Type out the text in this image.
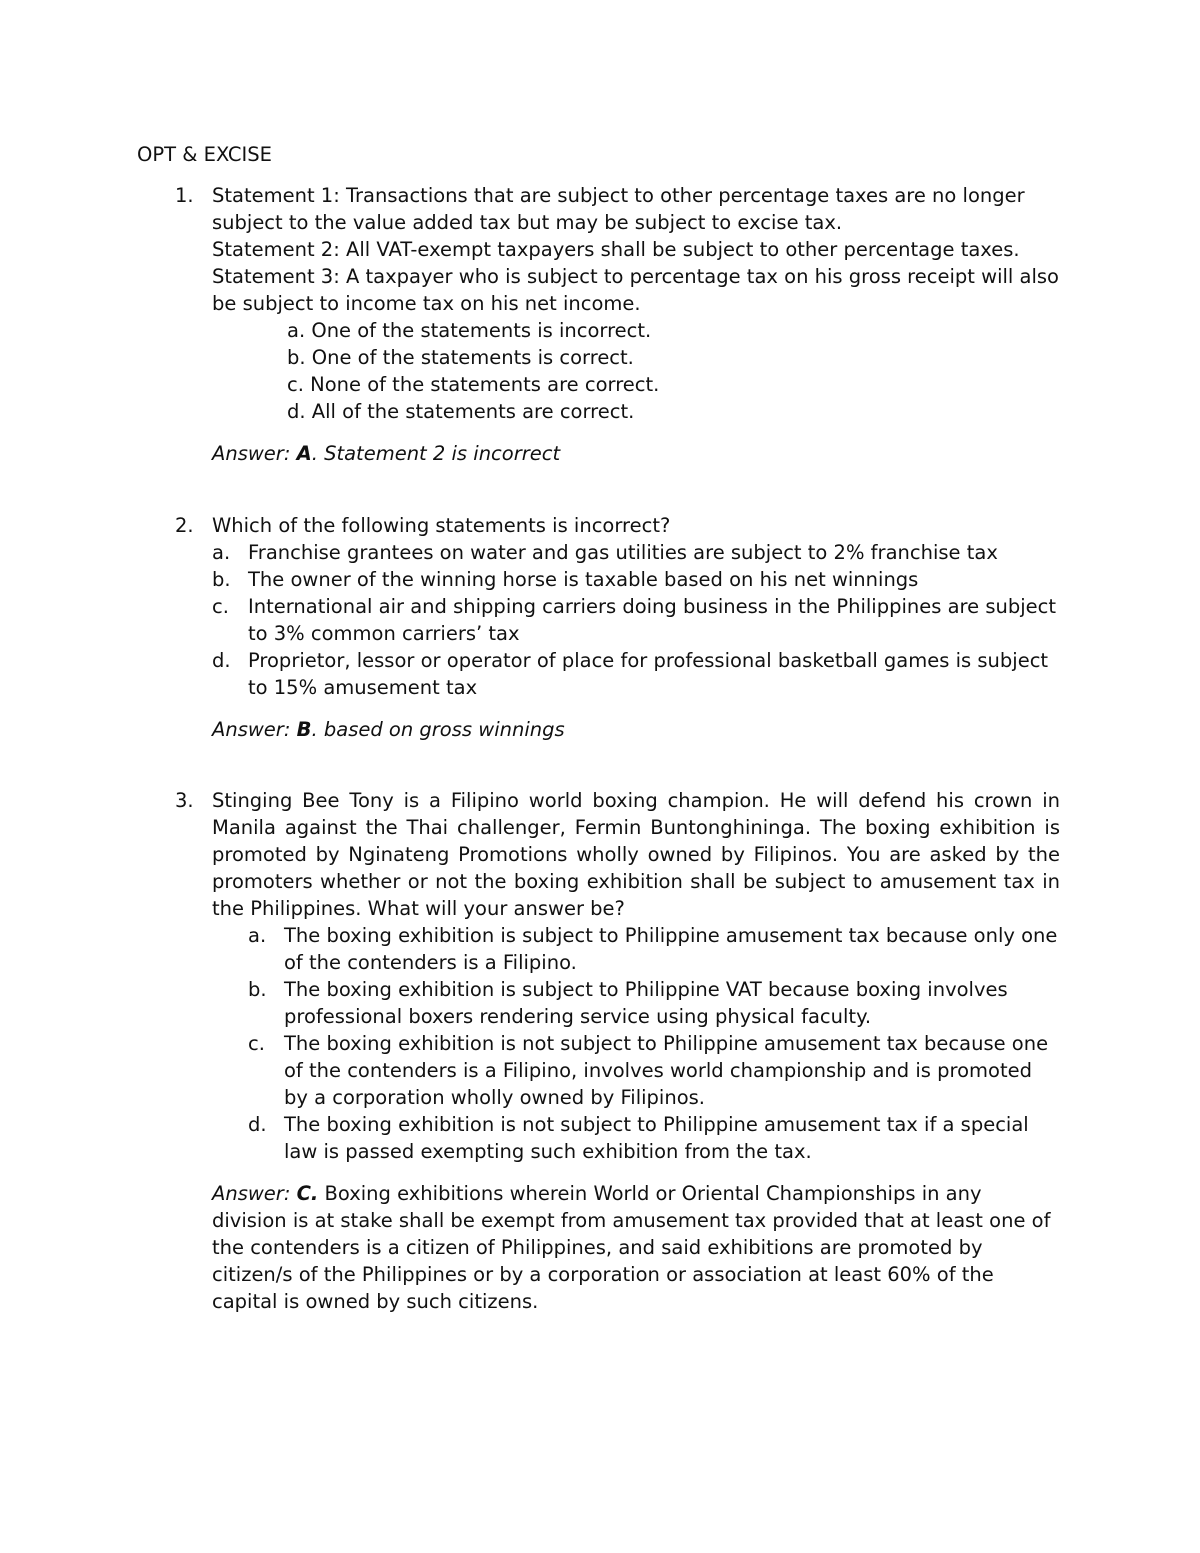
OPT & EXCISE
1. Statement 1: Transactions that are subject to other percentage taxes are no longer subject to the value added tax but may be subject to excise tax.

Statement 2: All VAT-exempt taxpayers shall be subject to other percentage taxes.

Statement 3: A taxpayer who is subject to percentage tax on his gross receipt will also be subject to income tax on his net income.

a. One of the statements is incorrect.

b. One of the statements is correct.

c. None of the statements are correct.

d. All of the statements are correct.

Answer: A. Statement 2 is incorrect

2. Which of the following statements is incorrect?

a. Franchise grantees on water and gas utilities are subject to 2% franchise tax
b. The owner of the winning horse is taxable based on his net winnings
c. International air and shipping carriers doing business in the Philippines are subject to 3% common carriers’ tax
d. Proprietor, lessor or operator of place for professional basketball games is subject to 15% amusement tax

Answer: B. based on gross winnings

3. Stinging Bee Tony is a Filipino world boxing champion. He will defend his crown in Manila against the Thai challenger, Fermin Buntonghininga. The boxing exhibition is promoted by Nginateng Promotions wholly owned by Filipinos. You are asked by the promoters whether or not the boxing exhibition shall be subject to amusement tax in the Philippines. What will your answer be?

a. The boxing exhibition is subject to Philippine amusement tax because only one of the contenders is a Filipino.
b. The boxing exhibition is subject to Philippine VAT because boxing involves professional boxers rendering service using physical faculty.
c. The boxing exhibition is not subject to Philippine amusement tax because one of the contenders is a Filipino, involves world championship and is promoted by a corporation wholly owned by Filipinos.
d. The boxing exhibition is not subject to Philippine amusement tax if a special law is passed exempting such exhibition from the tax.

Answer: C. Boxing exhibitions wherein World or Oriental Championships in any division is at stake shall be exempt from amusement tax provided that at least one of the contenders is a citizen of Philippines, and said exhibitions are promoted by citizen/s of the Philippines or by a corporation or association at least 60% of the capital is owned by such citizens.
